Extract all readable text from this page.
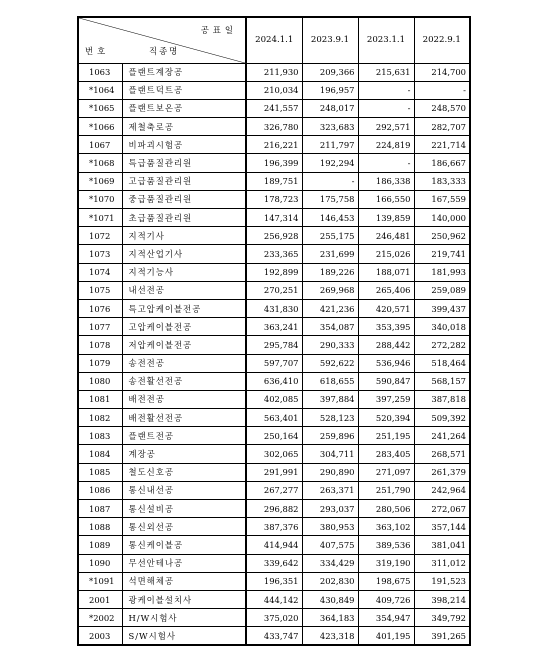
공표일
번호 직종명		2024.1.1	2023.9.1	2023.1.1	2022.9.1
1063	플랜트계장공	211,930	209,366	215,631	214,700
*1064	플랜트덕트공	210,034	196,957	-	-
*1065	플랜트보온공	241,557	248,017	-	248,570
*1066	제철축로공	326,780	323,683	292,571	282,707
1067	비파괴시험공	216,221	211,797	224,819	221,714
*1068	특급품질관리원	196,399	192,294	-	186,667
*1069	고급품질관리원	189,751	-	186,338	183,333
*1070	중급품질관리원	178,723	175,758	166,550	167,559
*1071	초급품질관리원	147,314	146,453	139,859	140,000
1072	지적기사	256,928	255,175	246,481	250,962
1073	지적산업기사	233,365	231,699	215,026	219,741
1074	지적기능사	192,899	189,226	188,071	181,993
1075	내선전공	270,251	269,968	265,406	259,089
1076	특고압케이블전공	431,830	421,236	420,571	399,437
1077	고압케이블전공	363,241	354,087	353,395	340,018
1078	저압케이블전공	295,784	290,333	288,442	272,282
1079	송전전공	597,707	592,622	536,946	518,464
1080	송전활선전공	636,410	618,655	590,847	568,157
1081	배전전공	402,085	397,884	397,259	387,818
1082	배전활선전공	563,401	528,123	520,394	509,392
1083	플랜트전공	250,164	259,896	251,195	241,264
1084	계장공	302,065	304,711	283,405	268,571
1085	철도신호공	291,991	290,890	271,097	261,379
1086	통신내선공	267,277	263,371	251,790	242,964
1087	통신설비공	296,882	293,037	280,506	272,067
1088	통신외선공	387,376	380,953	363,102	357,144
1089	통신케이블공	414,944	407,575	389,536	381,041
1090	무선안테나공	339,642	334,429	319,190	311,012
*1091	석면해체공	196,351	202,830	198,675	191,523
2001	광케이블설치사	444,142	430,849	409,726	398,214
*2002	H/W시험사	375,020	364,183	354,947	349,792
2003	S/W시험사	433,747	423,318	401,195	391,265
